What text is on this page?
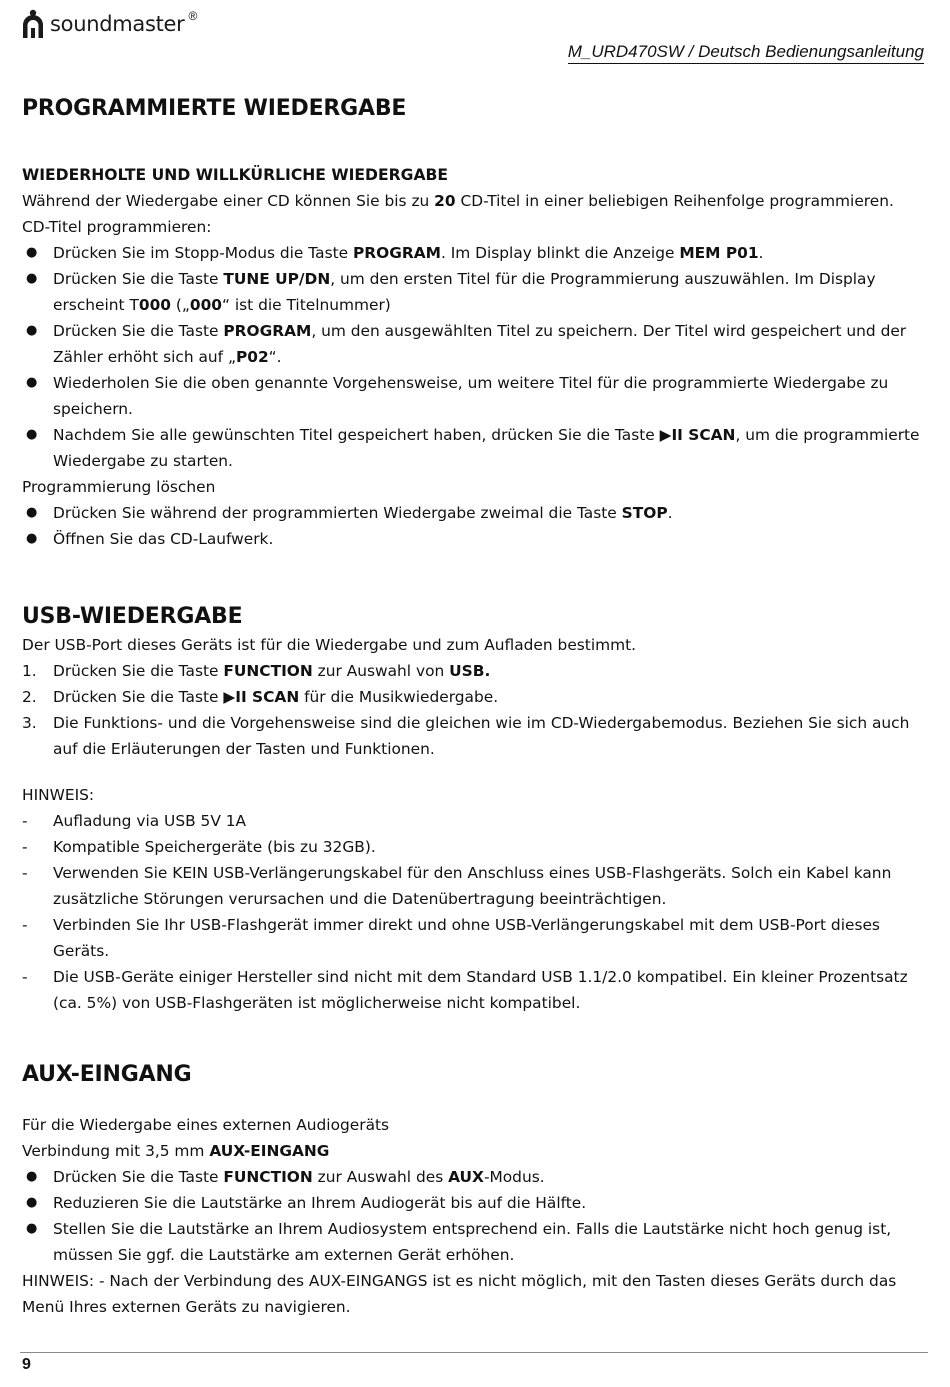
soundmaster ®
M_URD470SW / Deutsch Bedienungsanleitung
PROGRAMMIERTE WIEDERGABE
WIEDERHOLTE UND WILLKÜRLICHE WIEDERGABE

Während der Wiedergabe einer CD können Sie bis zu 20 CD-Titel in einer beliebigen Reihenfolge programmieren.

CD-Titel programmieren:

● Drücken Sie im Stopp-Modus die Taste PROGRAM. Im Display blinkt die Anzeige MEM P01.
● Drücken Sie die Taste TUNE UP/DN, um den ersten Titel für die Programmierung auszuwählen. Im Display erscheint T000 („000“ ist die Titelnummer)
● Drücken Sie die Taste PROGRAM, um den ausgewählten Titel zu speichern. Der Titel wird gespeichert und der Zähler erhöht sich auf „P02“.
● Wiederholen Sie die oben genannte Vorgehensweise, um weitere Titel für die programmierte Wiedergabe zu speichern.
● Nachdem Sie alle gewünschten Titel gespeichert haben, drücken Sie die Taste ▶II SCAN, um die programmierte Wiedergabe zu starten.

Programmierung löschen

● Drücken Sie während der programmierten Wiedergabe zweimal die Taste STOP.
● Öffnen Sie das CD-Laufwerk.
USB-WIEDERGABE

Der USB-Port dieses Geräts ist für die Wiedergabe und zum Aufladen bestimmt.

1. Drücken Sie die Taste FUNCTION zur Auswahl von USB.
2. Drücken Sie die Taste ▶II SCAN für die Musikwiedergabe.
3. Die Funktions- und die Vorgehensweise sind die gleichen wie im CD-Wiedergabemodus. Beziehen Sie sich auch auf die Erläuterungen der Tasten und Funktionen.

HINWEIS:

- Aufladung via USB 5V 1A
- Kompatible Speichergeräte (bis zu 32GB).
- Verwenden Sie KEIN USB-Verlängerungskabel für den Anschluss eines USB-Flashgeräts. Solch ein Kabel kann zusätzliche Störungen verursachen und die Datenübertragung beeinträchtigen.
- Verbinden Sie Ihr USB-Flashgerät immer direkt und ohne USB-Verlängerungskabel mit dem USB-Port dieses Geräts.
- Die USB-Geräte einiger Hersteller sind nicht mit dem Standard USB 1.1/2.0 kompatibel. Ein kleiner Prozentsatz (ca. 5%) von USB-Flashgeräten ist möglicherweise nicht kompatibel.
AUX-EINGANG

Für die Wiedergabe eines externen Audiogeräts

Verbindung mit 3,5 mm AUX-EINGANG

● Drücken Sie die Taste FUNCTION zur Auswahl des AUX-Modus.
● Reduzieren Sie die Lautstärke an Ihrem Audiogerät bis auf die Hälfte.
● Stellen Sie die Lautstärke an Ihrem Audiosystem entsprechend ein. Falls die Lautstärke nicht hoch genug ist, müssen Sie ggf. die Lautstärke am externen Gerät erhöhen.

HINWEIS: - Nach der Verbindung des AUX-EINGANGS ist es nicht möglich, mit den Tasten dieses Geräts durch das Menü Ihres externen Geräts zu navigieren.

9
